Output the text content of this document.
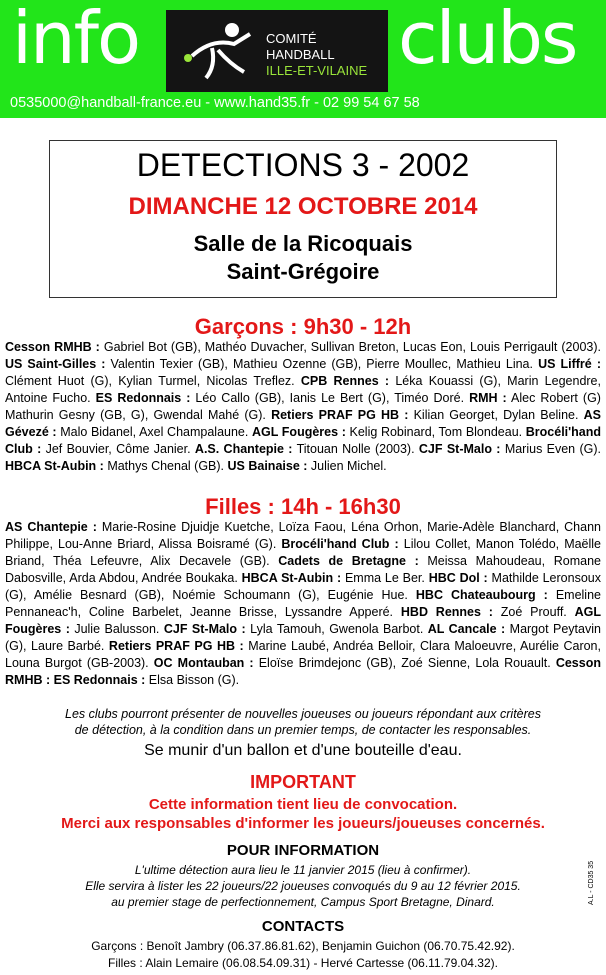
info	COMITÉ
HANDBALL
ILLE-ET-VILAINE clubs
0535000@handball-france.eu - www.hand35.fr - 02 99 54 67 58
DETECTIONS 3 - 2002
DIMANCHE 12 OCTOBRE 2014
Salle de la Ricoquais
Saint-Grégoire
Garçons : 9h30 - 12h
Cesson RMHB : Gabriel Bot (GB), Mathéo Duvacher, Sullivan Breton, Lucas Eon, Louis Perrigault (2003). US Saint-Gilles : Valentin Texier (GB), Mathieu Ozenne (GB), Pierre Moullec, Mathieu Lina. US Liffré : Clément Huot (G), Kylian Turmel, Nicolas Treflez. CPB Rennes : Léka Kouassi (G), Marin Legendre, Antoine Fucho. ES Redonnais : Léo Callo (GB), Ianis Le Bert (G), Timéo Doré. RMH : Alec Robert (G) Mathurin Gesny (GB, G), Gwendal Mahé (G). Retiers PRAF PG HB : Kilian Georget, Dylan Beline. AS Gévezé : Malo Bidanel, Axel Champalaune. AGL Fougères : Kelig Robinard, Tom Blondeau. Brocéli'hand Club : Jef Bouvier, Côme Janier. A.S. Chantepie : Titouan Nolle (2003). CJF St-Malo : Marius Even (G). HBCA St-Aubin : Mathys Chenal (GB). US Bainaise : Julien Michel.
Filles : 14h - 16h30
AS Chantepie : Marie-Rosine Djuidje Kuetche, Loïza Faou, Léna Orhon, Marie-Adèle Blanchard, Chann Philippe, Lou-Anne Briard, Alissa Boisramé (G). Brocéli'hand Club : Lilou Collet, Manon Tolédo, Maëlle Briand, Théa Lefeuvre, Alix Decavele (GB). Cadets de Bretagne : Meissa Mahoudeau, Romane Dabosville, Arda Abdou, Andrée Boukaka. HBCA St-Aubin : Emma Le Ber. HBC Dol : Mathilde Leronsoux (G), Amélie Besnard (GB), Noémie Schoumann (G), Eugénie Hue. HBC Chateaubourg : Emeline Pennaneac'h, Coline Barbelet, Jeanne Brisse, Lyssandre Apperé. HBD Rennes : Zoé Prouff. AGL Fougères : Julie Balusson. CJF St-Malo : Lyla Tamouh, Gwenola Barbot. AL Cancale : Margot Peytavin (G), Laure Barbé. Retiers PRAF PG HB : Marine Laubé, Andréa Belloir, Clara Maloeuvre, Aurélie Caron, Louna Burgot (GB-2003). OC Montauban : Eloïse Brimdejonc (GB), Zoé Sienne, Lola Rouault. Cesson RMHB : ES Redonnais : Elsa Bisson (G).
Les clubs pourront présenter de nouvelles joueuses ou joueurs répondant aux critères
de détection, à la condition dans un premier temps, de contacter les responsables.
Se munir d'un ballon et d'une bouteille d'eau.
IMPORTANT
Cette information tient lieu de convocation.
Merci aux responsables d'informer les joueurs/joueuses concernés.
POUR INFORMATION
L'ultime détection aura lieu le 11 janvier 2015 (lieu à confirmer).
Elle servira à lister les 22 joueurs/22 joueuses convoqués du 9 au 12 février 2015.
au premier stage de perfectionnement, Campus Sport Bretagne, Dinard.
CONTACTS
Garçons : Benoît Jambry (06.37.86.81.62), Benjamin Guichon (06.70.75.42.92).
Filles : Alain Lemaire (06.08.54.09.31) - Hervé Cartesse (06.11.79.04.32).
A.L - CD35 35
